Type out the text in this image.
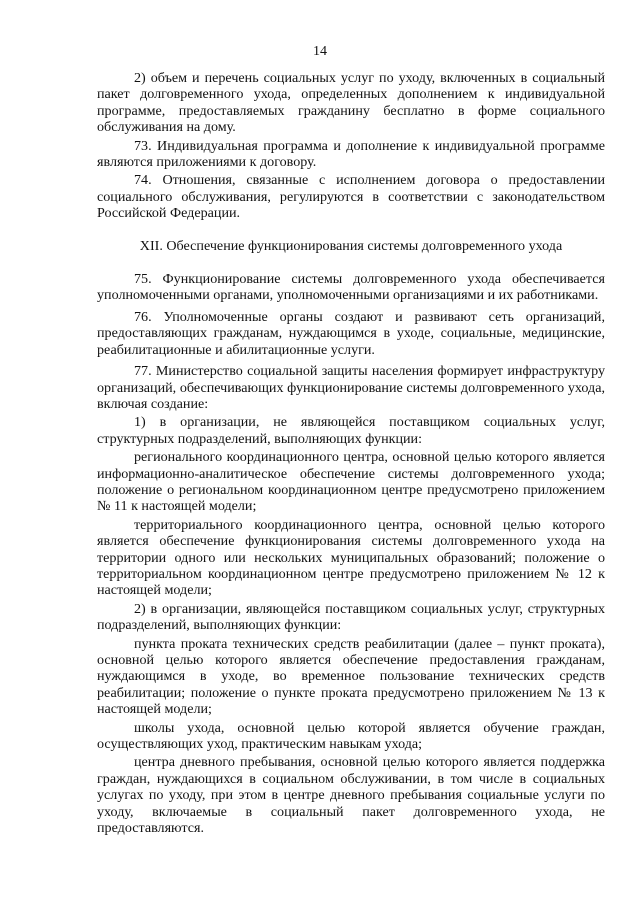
14

2) объем и перечень социальных услуг по уходу, включенных в социальный пакет долговременного ухода, определенных дополнением к индивидуальной программе, предоставляемых гражданину бесплатно в форме социального обслуживания на дому.

73. Индивидуальная программа и дополнение к индивидуальной программе являются приложениями к договору.

74. Отношения, связанные с исполнением договора о предоставлении социального обслуживания, регулируются в соответствии с законодательством Российской Федерации.

XII. Обеспечение функционирования системы долговременного ухода

75. Функционирование системы долговременного ухода обеспечивается уполномоченными органами, уполномоченными организациями и их работниками.

76. Уполномоченные органы создают и развивают сеть организаций, предоставляющих гражданам, нуждающимся в уходе, социальные, медицинские, реабилитационные и абилитационные услуги.

77. Министерство социальной защиты населения формирует инфраструктуру организаций, обеспечивающих функционирование системы долговременного ухода, включая создание:

1) в организации, не являющейся поставщиком социальных услуг, структурных подразделений, выполняющих функции:

регионального координационного центра, основной целью которого является информационно-аналитическое обеспечение системы долговременного ухода; положение о региональном координационном центре предусмотрено приложением № 11 к настоящей модели;

территориального координационного центра, основной целью которого является обеспечение функционирования системы долговременного ухода на территории одного или нескольких муниципальных образований; положение о территориальном координационном центре предусмотрено приложением № 12 к настоящей модели;

2) в организации, являющейся поставщиком социальных услуг, структурных подразделений, выполняющих функции:

пункта проката технических средств реабилитации (далее – пункт проката), основной целью которого является обеспечение предоставления гражданам, нуждающимся в уходе, во временное пользование технических средств реабилитации; положение о пункте проката предусмотрено приложением № 13 к настоящей модели;

школы ухода, основной целью которой является обучение граждан, осуществляющих уход, практическим навыкам ухода;

центра дневного пребывания, основной целью которого является поддержка граждан, нуждающихся в социальном обслуживании, в том числе в социальных услугах по уходу, при этом в центре дневного пребывания социальные услуги по уходу, включаемые в социальный пакет долговременного ухода, не предоставляются.
